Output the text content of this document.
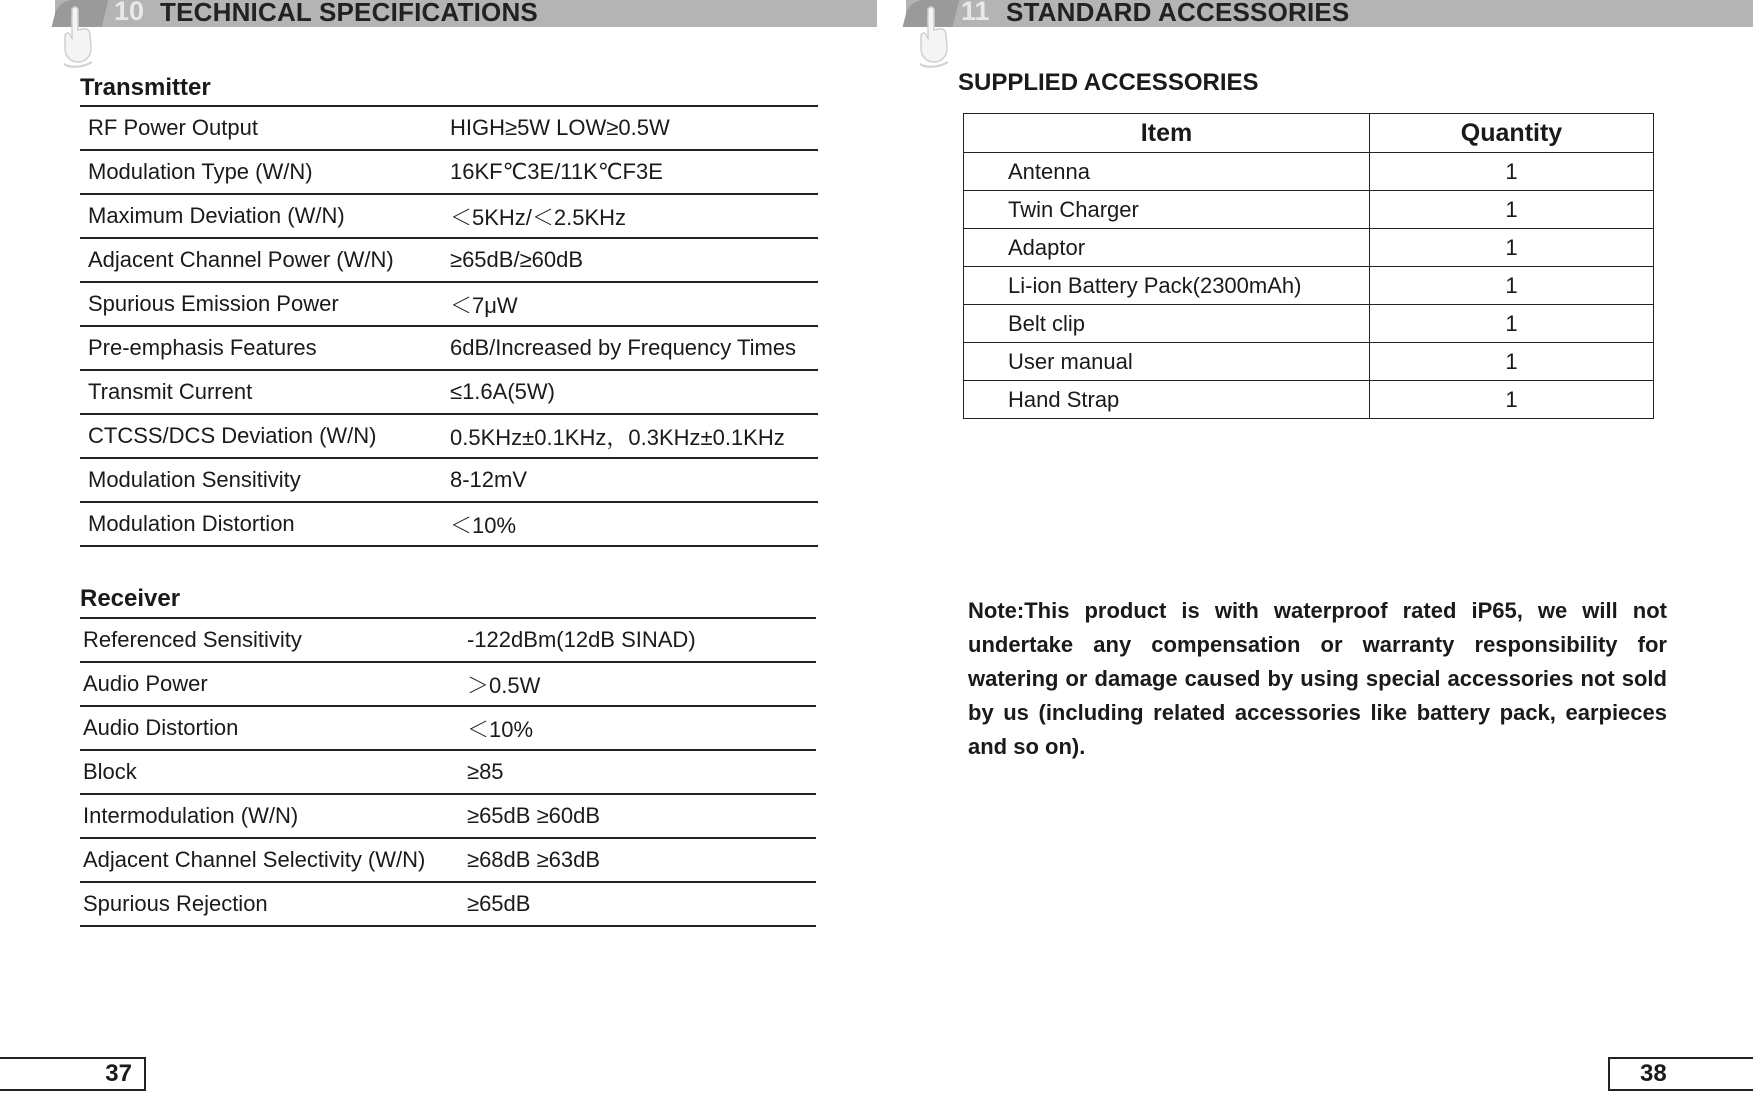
10 TECHNICAL SPECIFICATIONS
Transmitter
RF Power Output	HIGH≥5W LOW≥0.5W
Modulation Type (W/N)	16KF℃3E/11K℃F3E
Maximum Deviation (W/N)	＜5KHz/＜2.5KHz
Adjacent Channel Power (W/N)	≥65dB/≥60dB
Spurious Emission Power	＜7μW
Pre-emphasis Features	6dB/Increased by Frequency Times
Transmit Current	≤1.6A(5W)
CTCSS/DCS Deviation (W/N)	0.5KHz±0.1KHz，0.3KHz±0.1KHz
Modulation Sensitivity	8-12mV
Modulation Distortion	＜10%
Receiver
Referenced Sensitivity	-122dBm(12dB SINAD)
Audio Power	＞0.5W
Audio Distortion	＜10%
Block	≥85
Intermodulation (W/N)	≥65dB ≥60dB
Adjacent Channel Selectivity (W/N)	≥68dB ≥63dB
Spurious Rejection	≥65dB
37
11 STANDARD ACCESSORIES
SUPPLIED ACCESSORIES
Item	Quantity
Antenna	1
Twin Charger	1
Adaptor	1
Li-ion Battery Pack(2300mAh)	1
Belt clip	1
User manual	1
Hand Strap	1
Note:This product is with waterproof rated iP65, we will not undertake any compensation or warranty responsibility for watering or damage caused by using special accessories not sold by us (including related accessories like battery pack, earpieces and so on).
38
